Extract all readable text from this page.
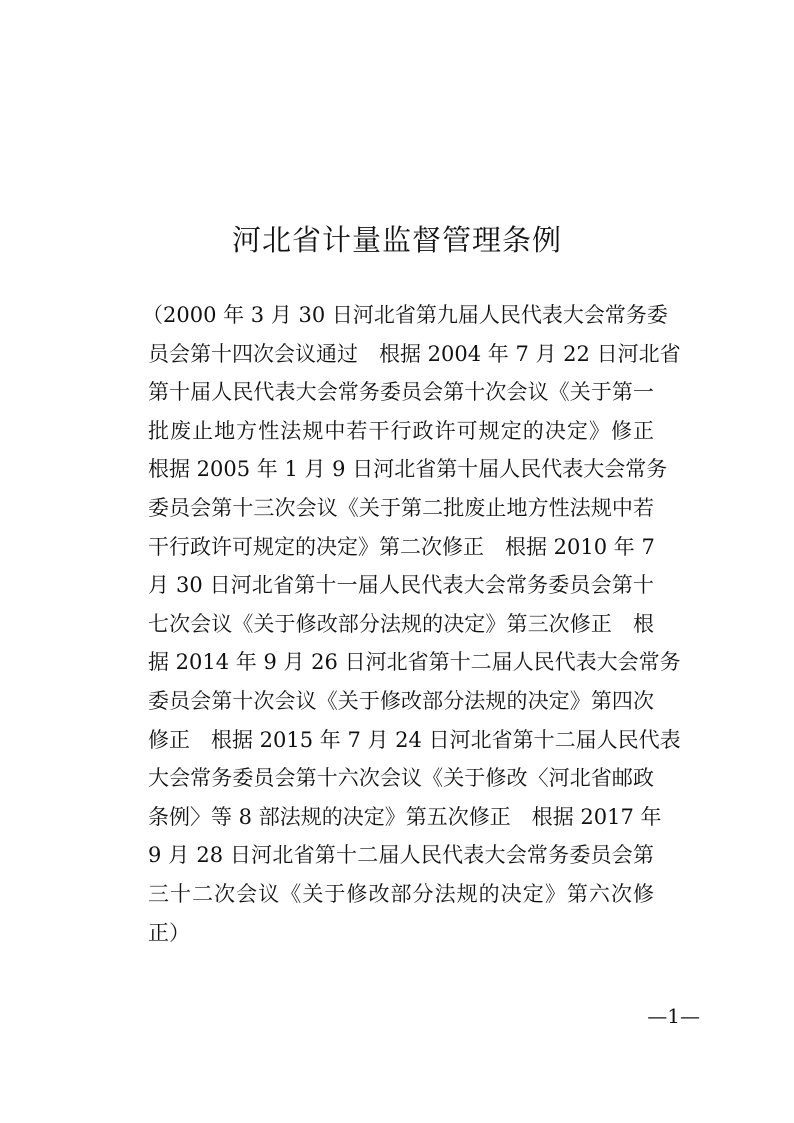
河北省计量监督管理条例
（2000 年 3 月 30 日河北省第九届人民代表大会常务委
员会第十四次会议通过　根据 2004 年 7 月 22 日河北省
第十届人民代表大会常务委员会第十次会议《关于第一
批废止地方性法规中若干行政许可规定的决定》修正
根据 2005 年 1 月 9 日河北省第十届人民代表大会常务
委员会第十三次会议《关于第二批废止地方性法规中若
干行政许可规定的决定》第二次修正　根据 2010 年 7
月 30 日河北省第十一届人民代表大会常务委员会第十
七次会议《关于修改部分法规的决定》第三次修正　根
据 2014 年 9 月 26 日河北省第十二届人民代表大会常务
委员会第十次会议《关于修改部分法规的决定》第四次
修正　根据 2015 年 7 月 24 日河北省第十二届人民代表
大会常务委员会第十六次会议《关于修改〈河北省邮政
条例〉等 8 部法规的决定》第五次修正　根据 2017 年
9 月 28 日河北省第十二届人民代表大会常务委员会第
三十二次会议《关于修改部分法规的决定》第六次修
正）
—1—
